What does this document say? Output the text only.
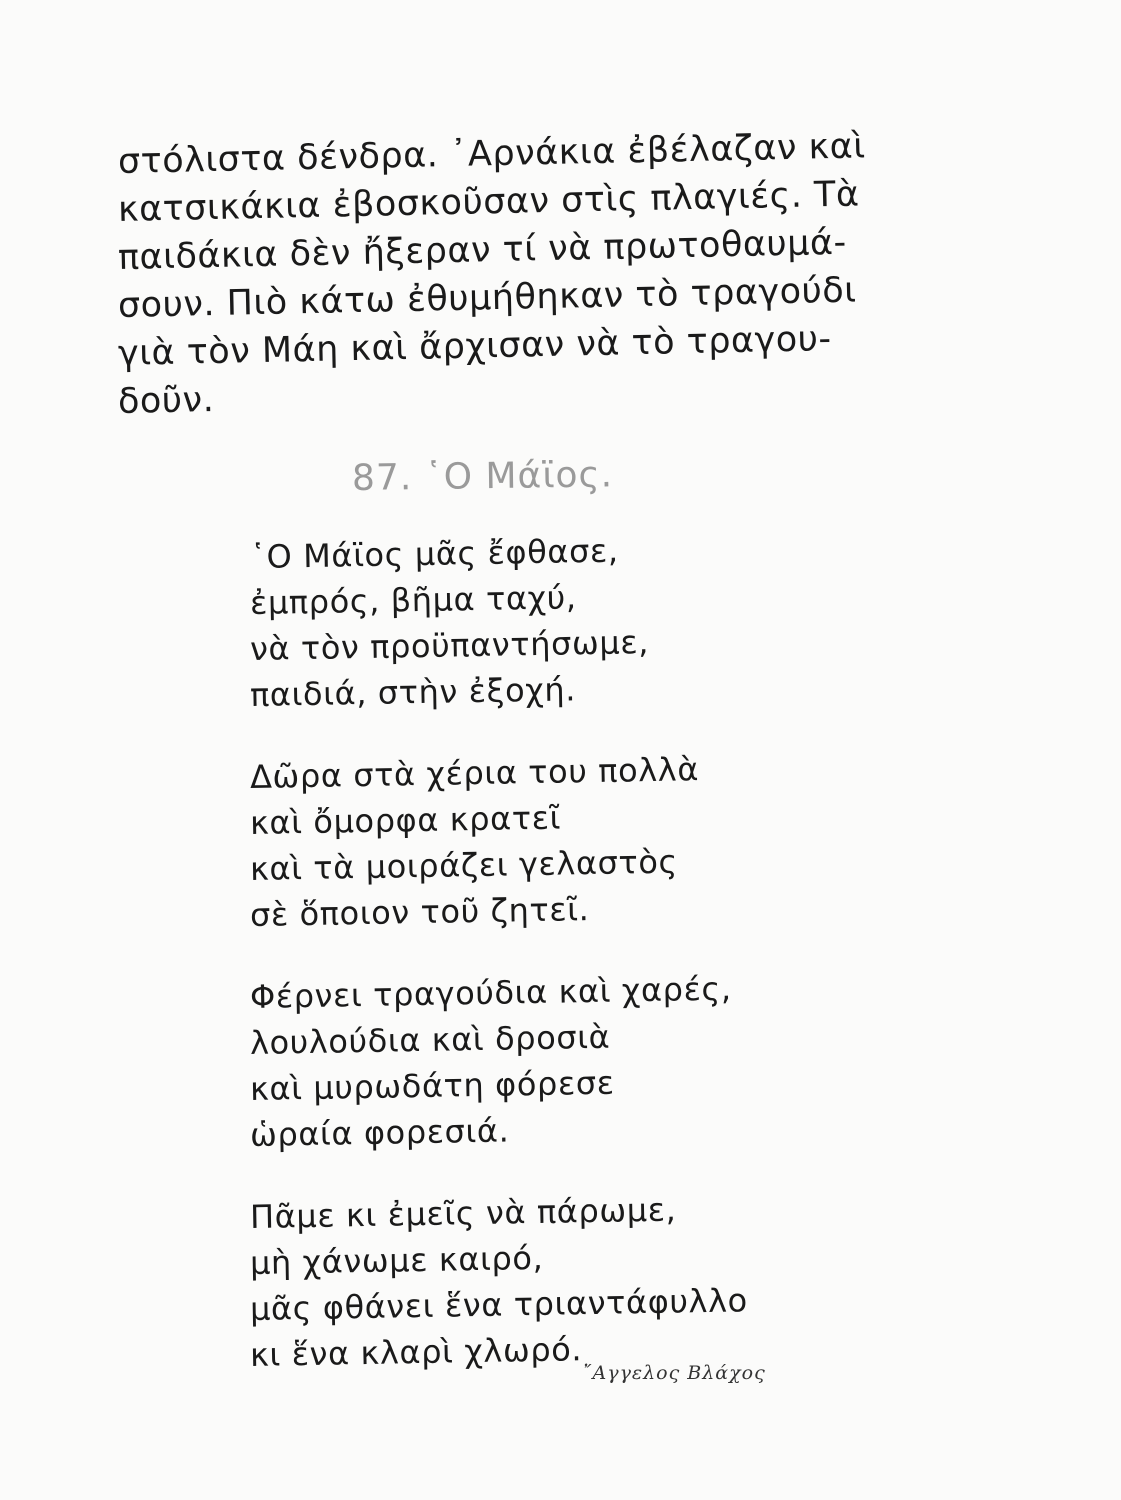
στόλιστα δένδρα. ᾿Αρνάκια ἐβέλαζαν καὶ
κατσικάκια ἐβοσκοῦσαν στὶς πλαγιές. Τὰ
παιδάκια δὲν ἤξεραν τί νὰ πρωτοθαυμά-
σουν. Πιὸ κάτω ἐθυμήθηκαν τὸ τραγούδι
γιὰ τὸν Μάη καὶ ἄρχισαν νὰ τὸ τραγου-
δοῦν.
87. ῾Ο Μάϊος.
῾Ο Μάϊος μᾶς ἔφθασε,
ἐμπρός, βῆμα ταχύ,
νὰ τὸν προϋπαντήσωμε,
παιδιά, στὴν ἐξοχή.
Δῶρα στὰ χέρια του πολλὰ
καὶ ὄμορφα κρατεῖ
καὶ τὰ μοιράζει γελαστὸς
σὲ ὅποιον τοῦ ζητεῖ.
Φέρνει τραγούδια καὶ χαρές,
λουλούδια καὶ δροσιὰ
καὶ μυρωδάτη φόρεσε
ὡραία φορεσιά.
Πᾶμε κι ἐμεῖς νὰ πάρωμε,
μὴ χάνωμε καιρό,
μᾶς φθάνει ἕνα τριαντάφυλλο
κι ἕνα κλαρὶ χλωρό. ῎Αγγελος Βλάχος
